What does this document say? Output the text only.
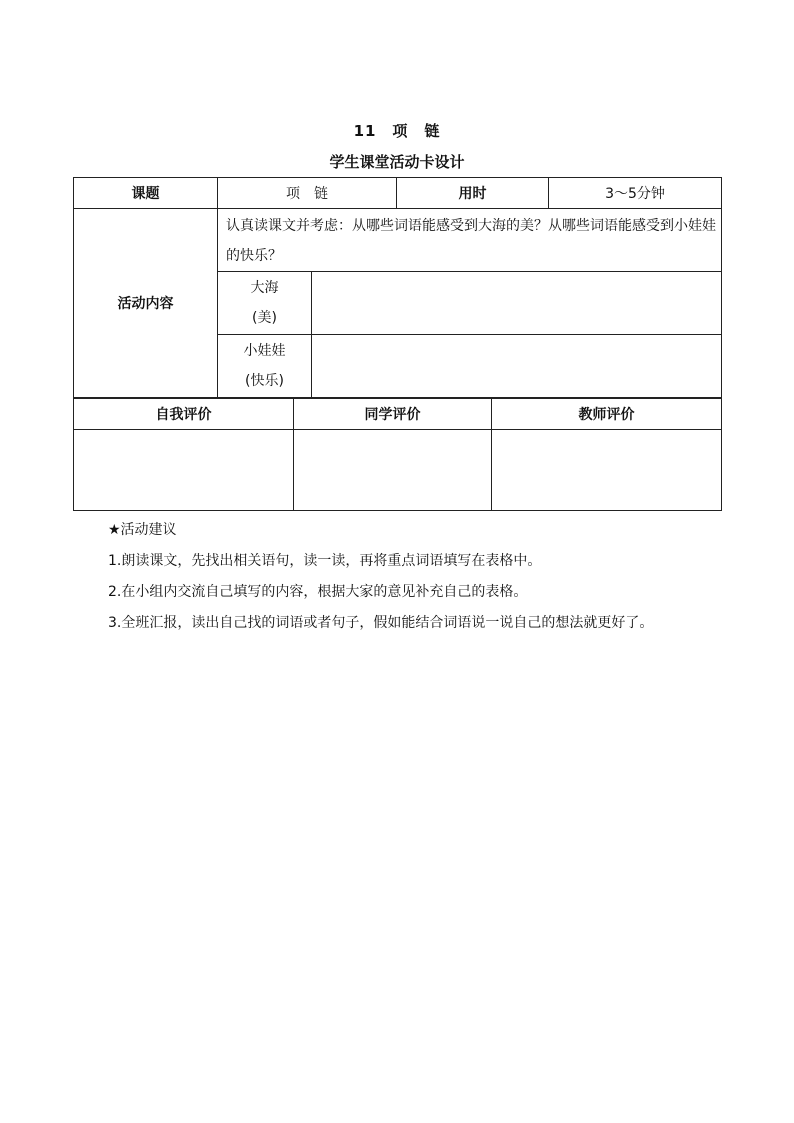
11　项　链
学生课堂活动卡设计
课题	项　链		用时	3～5分钟
活动内容	认真读课文并考虑：从哪些词语能感受到大海的美？从哪些词语能感受到小娃娃的快乐？			

	大海
(美)			

	小娃娃
(快乐)			

自我评价	同学评价	教师评价

★活动建议
1.朗读课文，先找出相关语句，读一读，再将重点词语填写在表格中。
2.在小组内交流自己填写的内容，根据大家的意见补充自己的表格。
3.全班汇报，读出自己找的词语或者句子，假如能结合词语说一说自己的想法就更好了。
